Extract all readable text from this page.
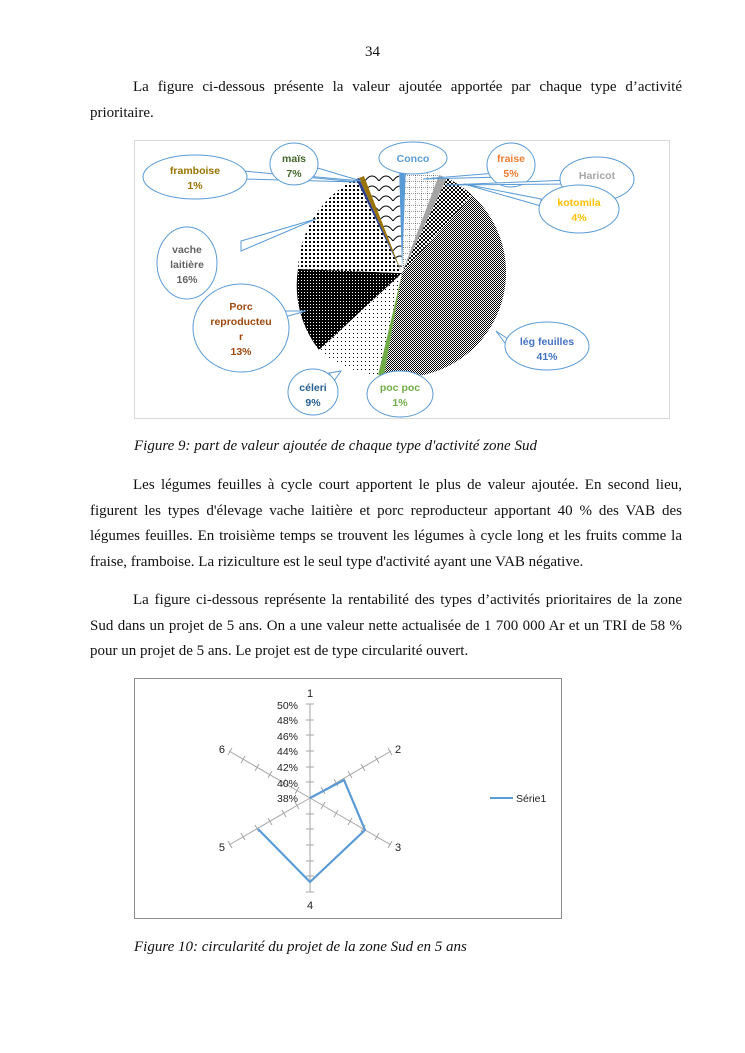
34

La figure ci-dessous présente la valeur ajoutée apportée par chaque type d’activité prioritaire.

framboise
1%
maïs
7%
Conco	fraise
5%	Haricot
kotomila
4%
vache
laitière
16%
Porc
reproducteu
r
13%
céleri
9%
poc poc
1%
lég feuilles
41%
Figure 9: part de valeur ajoutée de chaque type d'activité zone Sud

Les légumes feuilles à cycle court apportent le plus de valeur ajoutée. En second lieu, figurent les types d'élevage vache laitière et porc reproducteur apportant 40 % des VAB des légumes feuilles. En troisième temps se trouvent les légumes à cycle long et les fruits comme la fraise, framboise. La riziculture est le seul type d'activité ayant une VAB négative.

La figure ci-dessous représente la rentabilité des types d’activités prioritaires de la zone Sud dans un projet de 5 ans. On a une valeur nette actualisée de 1 700 000 Ar et un TRI de 58 % pour un projet de 5 ans. Le projet est de type circularité ouvert.

38%
40%
42%
44%
46%
48%
50%
1
2
3
4
5
6
Série1
Figure 10: circularité du projet de la zone Sud en 5 ans
